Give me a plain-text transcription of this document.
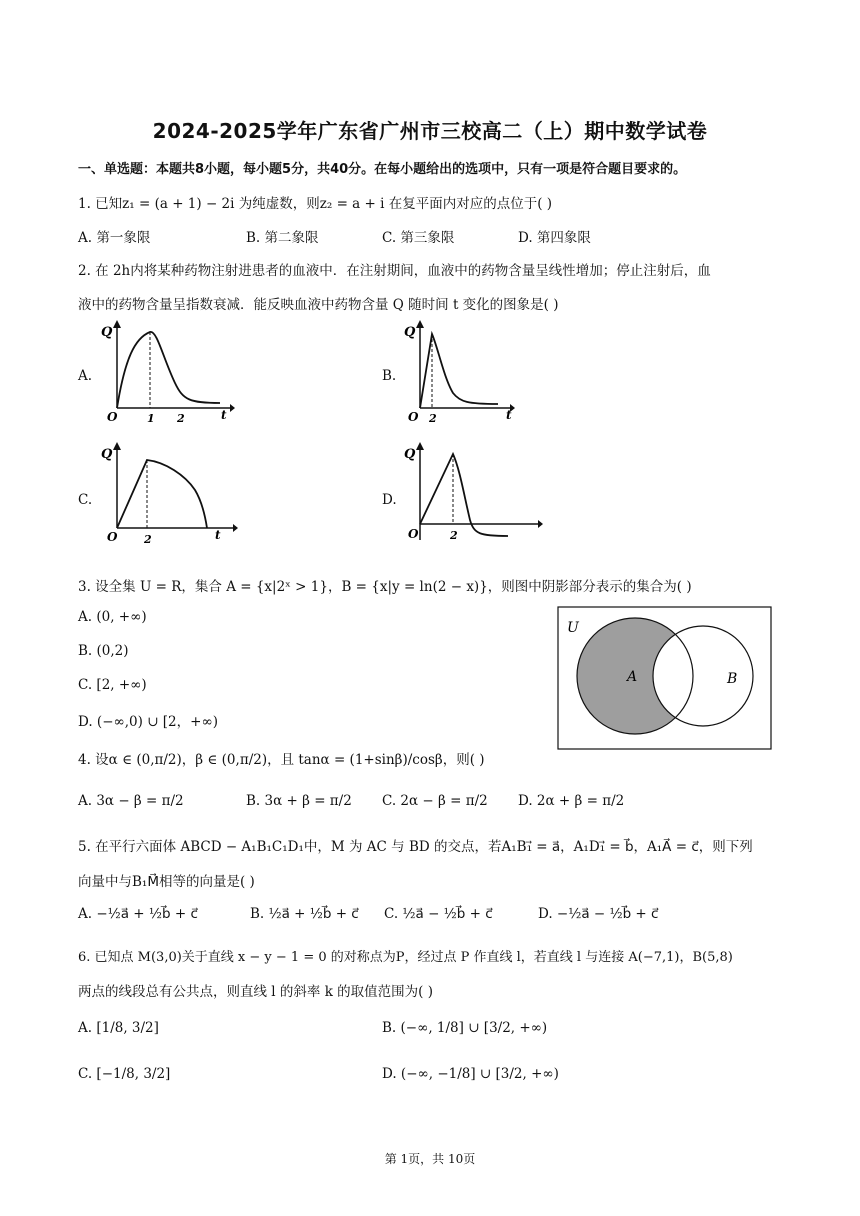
2024-2025学年广东省广州市三校高二（上）期中数学试卷
一、单选题：本题共8小题，每小题5分，共40分。在每小题给出的选项中，只有一项是符合题目要求的。
1. 已知z₁ = (a + 1) − 2i 为纯虚数，则z₂ = a + i 在复平面内对应的点位于( )
A. 第一象限	B. 第二象限	C. 第三象限	D. 第四象限
2. 在 2h内将某种药物注射进患者的血液中．在注射期间，血液中的药物含量呈线性增加；停止注射后，血
液中的药物含量呈指数衰减．能反映血液中药物含量 Q 随时间 t 变化的图象是( )
A.	B.
C.	D.
Q
O	1 2	t
Q
O 2	t
Q
O 2	t
Q
O	2
3. 设全集 U = R，集合 A = {x|2ˣ > 1}，B = {x|y = ln(2 − x)}，则图中阴影部分表示的集合为( )
A. (0, +∞)
B. (0,2)
C. [2, +∞)
D. (−∞,0) ∪ [2，+∞)
U
A	B
4. 设α ∈ (0,π/2)，β ∈ (0,π/2)，且 tanα = (1+sinβ)/cosβ，则( )
A. 3α − β = π/2	B. 3α + β = π/2 C. 2α − β = π/2 D. 2α + β = π/2
5. 在平行六面体 ABCD − A₁B₁C₁D₁中，M 为 AC 与 BD 的交点，若A₁B₁⃗ = a⃗，A₁D₁⃗ = b⃗，A₁A⃗ = c⃗，则下列
向量中与B₁M⃗相等的向量是( )
A. −½a⃗ + ½b⃗ + c⃗	B. ½a⃗ + ½b⃗ + c⃗ C. ½a⃗ − ½b⃗ + c⃗	D. −½a⃗ − ½b⃗ + c⃗
6. 已知点 M(3,0)关于直线 x − y − 1 = 0 的对称点为P，经过点 P 作直线 l，若直线 l 与连接 A(−7,1)，B(5,8)
两点的线段总有公共点，则直线 l 的斜率 k 的取值范围为( )
A. [1/8, 3/2]	B. (−∞, 1/8] ∪ [3/2, +∞)
C. [−1/8, 3/2]	D. (−∞, −1/8] ∪ [3/2, +∞)
第 1页，共 10页
